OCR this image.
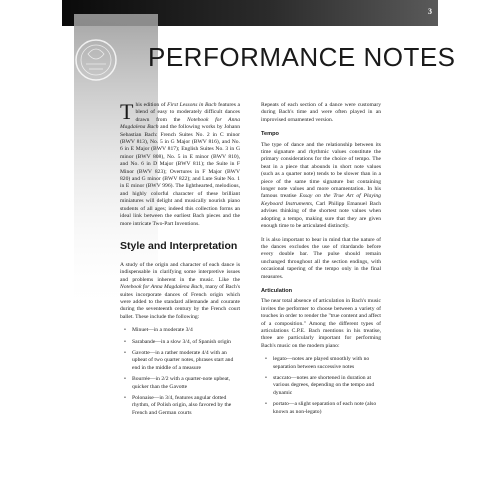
3
PERFORMANCE NOTES

This edition of First Lessons in Bach features a blend of easy to moderately difficult dances drawn from the Notebook for Anna Magdalena Bach and the following works by Johann Sebastian Bach: French Suites No. 2 in C minor (BWV 813), No. 5 in G Major (BWV 816), and No. 6 in E Major (BWV 817); English Suites No. 3 in G minor (BWV 808), No. 5 in E minor (BWV 810), and No. 6 in D Major (BWV 811); the Suite in F Minor (BWV 823); Overtures in F Major (BWV 820) and G minor (BWV 822); and Lute Suite No. 1 in E minor (BWV 996). The lighthearted, melodious, and highly colorful character of these brilliant miniatures will delight and musically nourish piano students of all ages; indeed this collection forms an ideal link between the earliest Bach pieces and the more intricate Two-Part Inventions.

Style and Interpretation

A study of the origin and character of each dance is indispensable in clarifying some interpretive issues and problems inherent in the music. Like the Notebook for Anna Magdalena Bach, many of Bach's suites incorporate dances of French origin which were added to the standard allemande and courante during the seventeenth century by the French court ballet. These include the following:

• Minuet—in a moderate 3/4
• Sarabande—in a slow 3/4, of Spanish origin
• Gavotte—in a rather moderate 4/4 with an upbeat of two quarter notes, phrases start and end in the middle of a measure
• Bourrée—in 2/2 with a quarter-note upbeat, quicker than the Gavotte
• Polonaise—in 3/4, features angular dotted rhythm, of Polish origin, also favored by the French and German courts

Repeats of each section of a dance were customary during Bach's time and were often played in an improvised ornamented version.

Tempo

The type of dance and the relationship between its time signature and rhythmic values constitute the primary considerations for the choice of tempo. The beat in a piece that abounds in short note values (such as a quarter note) tends to be slower than in a piece of the same time signature but containing longer note values and more ornamentation. In his famous treatise Essay on the True Art of Playing Keyboard Instruments, Carl Philipp Emanuel Bach advises thinking of the shortest note values when adopting a tempo, making sure that they are given enough time to be articulated distinctly.

It is also important to bear in mind that the nature of the dances excludes the use of ritardando before every double bar. The pulse should remain unchanged throughout all the section endings, with occasional tapering of the tempo only in the final measures.

Articulation

The near total absence of articulation in Bach's music invites the performer to choose between a variety of touches in order to render the "true content and affect of a composition." Among the different types of articulations C.P.E. Bach mentions in his treatise, three are particularly important for performing Bach's music on the modern piano:

• legato—notes are played smoothly with no separation between successive notes
• staccato—notes are shortened in duration at various degrees, depending on the tempo and dynamic
• portato—a slight separation of each note (also known as non-legato)
